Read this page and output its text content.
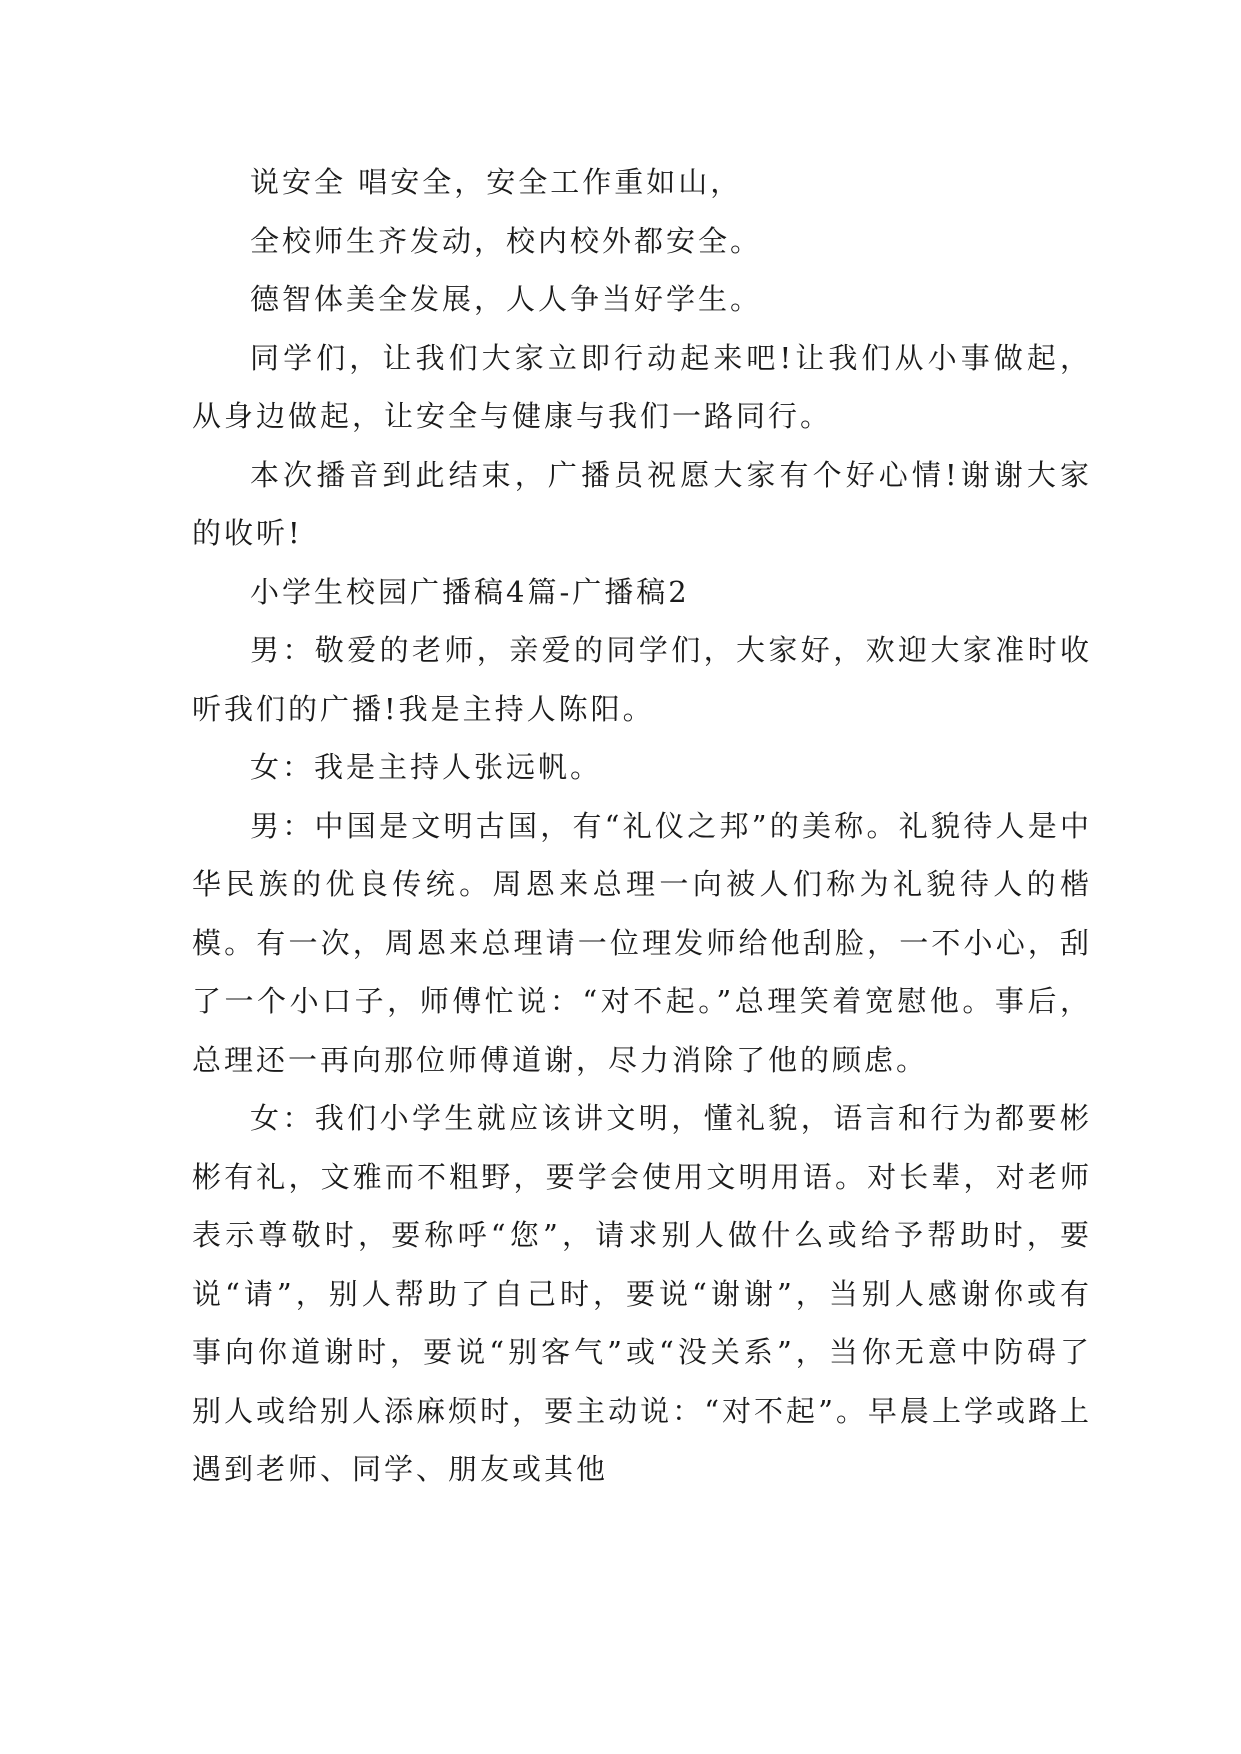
说安全 唱安全，安全工作重如山，

全校师生齐发动，校内校外都安全。

德智体美全发展，人人争当好学生。

同学们，让我们大家立即行动起来吧!让我们从小事做起，从身边做起，让安全与健康与我们一路同行。

本次播音到此结束，广播员祝愿大家有个好心情!谢谢大家的收听!

小学生校园广播稿4篇-广播稿2

男：敬爱的老师，亲爱的同学们，大家好，欢迎大家准时收听我们的广播!我是主持人陈阳。

女：我是主持人张远帆。

男：中国是文明古国，有“礼仪之邦”的美称。礼貌待人是中华民族的优良传统。周恩来总理一向被人们称为礼貌待人的楷模。有一次，周恩来总理请一位理发师给他刮脸，一不小心，刮了一个小口子，师傅忙说：“对不起。”总理笑着宽慰他。事后，总理还一再向那位师傅道谢，尽力消除了他的顾虑。

女：我们小学生就应该讲文明，懂礼貌，语言和行为都要彬彬有礼，文雅而不粗野，要学会使用文明用语。对长辈，对老师表示尊敬时，要称呼“您”，请求别人做什么或给予帮助时，要说“请”，别人帮助了自己时，要说“谢谢”，当别人感谢你或有事向你道谢时，要说“别客气”或“没关系”，当你无意中防碍了别人或给别人添麻烦时，要主动说：“对不起”。早晨上学或路上遇到老师、同学、朋友或其他
